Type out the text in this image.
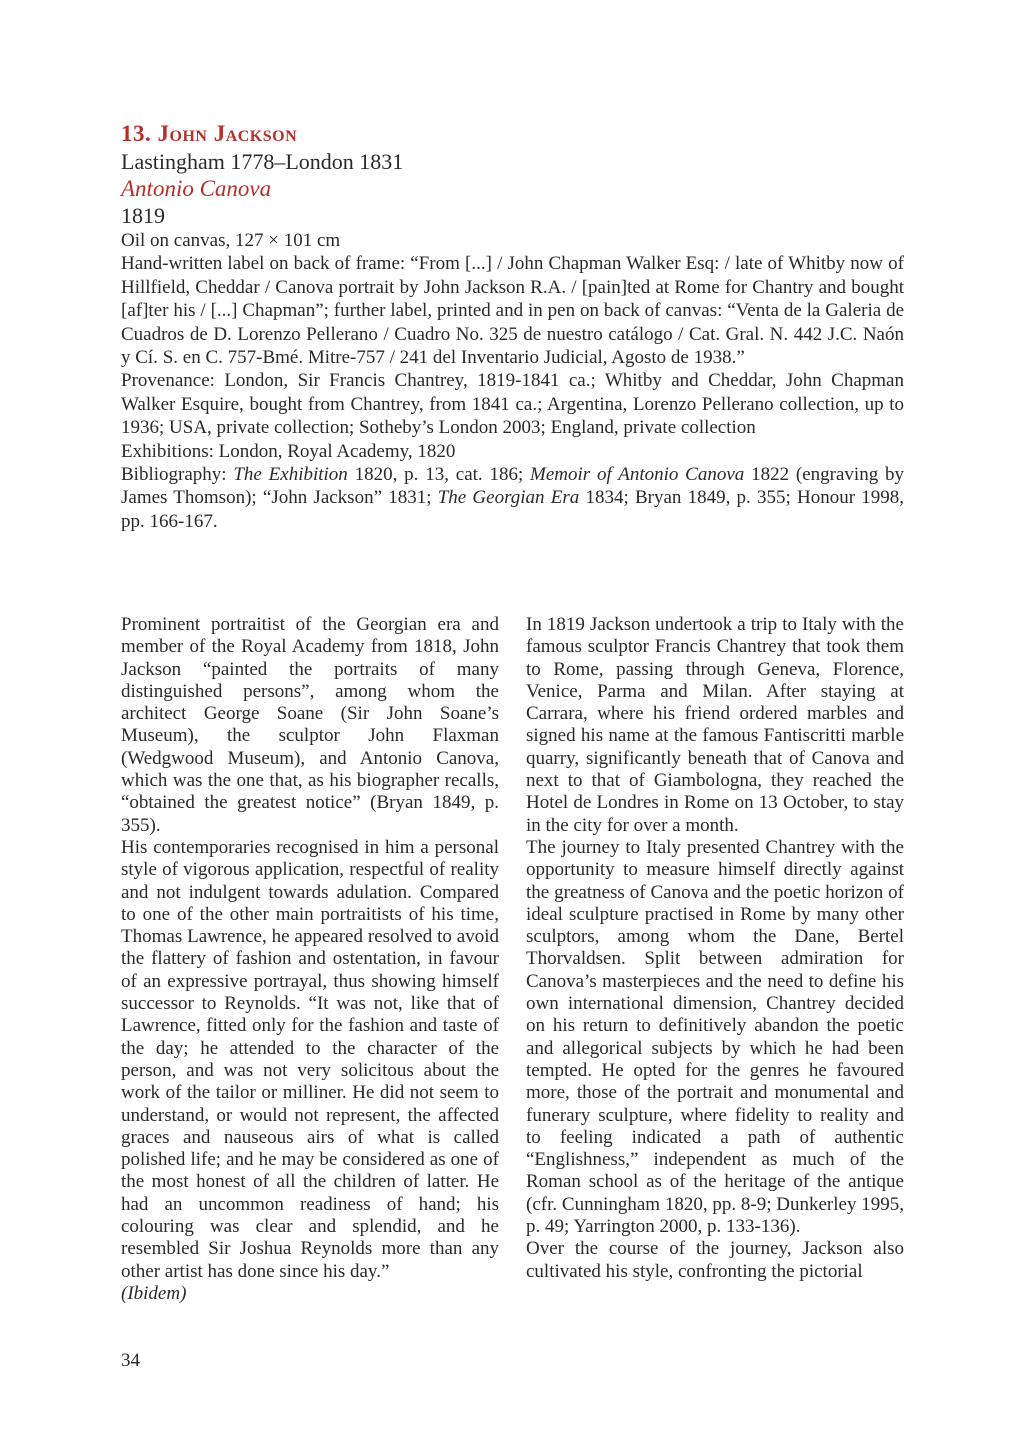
13. John Jackson

Lastingham 1778–London 1831

Antonio Canova

1819

Oil on canvas, 127 × 101 cm

Hand-written label on back of frame: “From [...] / John Chapman Walker Esq: / late of Whitby now of Hillfield, Cheddar / Canova portrait by John Jackson R.A. / [pain]ted at Rome for Chantry and bought [af]ter his / [...] Chapman”; further label, printed and in pen on back of canvas: “Venta de la Galeria de Cuadros de D. Lorenzo Pellerano / Cuadro No. 325 de nuestro catálogo / Cat. Gral. N. 442 J.C. Naón y Cí. S. en C. 757-Bmé. Mitre-757 / 241 del Inventario Judicial, Agosto de 1938.”

Provenance: London, Sir Francis Chantrey, 1819-1841 ca.; Whitby and Cheddar, John Chapman Walker Esquire, bought from Chantrey, from 1841 ca.; Argentina, Lorenzo Pellerano collection, up to 1936; USA, private collection; Sotheby’s London 2003; England, private collection

Exhibitions: London, Royal Academy, 1820

Bibliography: The Exhibition 1820, p. 13, cat. 186; Memoir of Antonio Canova 1822 (engraving by James Thomson); “John Jackson” 1831; The Georgian Era 1834; Bryan 1849, p. 355; Honour 1998, pp. 166-167.

Prominent portraitist of the Georgian era and member of the Royal Academy from 1818, John Jackson “painted the portraits of many distinguished persons”, among whom the architect George Soane (Sir John Soane’s Museum), the sculptor John Flaxman (Wedgwood Museum), and Antonio Canova, which was the one that, as his biographer recalls, “obtained the greatest notice” (Bryan 1849, p. 355).

His contemporaries recognised in him a personal style of vigorous application, respectful of reality and not indulgent towards adulation. Compared to one of the other main portraitists of his time, Thomas Lawrence, he appeared resolved to avoid the flattery of fashion and ostentation, in favour of an expressive portrayal, thus showing himself successor to Reynolds. “It was not, like that of Lawrence, fitted only for the fashion and taste of the day; he attended to the character of the person, and was not very solicitous about the work of the tailor or milliner. He did not seem to understand, or would not represent, the affected graces and nauseous airs of what is called polished life; and he may be considered as one of the most honest of all the children of latter. He had an uncommon readiness of hand; his colouring was clear and splendid, and he resembled Sir Joshua Reynolds more than any other artist has done since his day.”

(Ibidem)

In 1819 Jackson undertook a trip to Italy with the famous sculptor Francis Chantrey that took them to Rome, passing through Geneva, Florence, Venice, Parma and Milan. After staying at Carrara, where his friend ordered marbles and signed his name at the famous Fantiscritti marble quarry, significantly beneath that of Canova and next to that of Giambologna, they reached the Hotel de Londres in Rome on 13 October, to stay in the city for over a month.

The journey to Italy presented Chantrey with the opportunity to measure himself directly against the greatness of Canova and the poetic horizon of ideal sculpture practised in Rome by many other sculptors, among whom the Dane, Bertel Thorvaldsen. Split between admiration for Canova’s masterpieces and the need to define his own international dimension, Chantrey decided on his return to definitively abandon the poetic and allegorical subjects by which he had been tempted. He opted for the genres he favoured more, those of the portrait and monumental and funerary sculpture, where fidelity to reality and to feeling indicated a path of authentic “Englishness,” independent as much of the Roman school as of the heritage of the antique (cfr. Cunningham 1820, pp. 8-9; Dunkerley 1995, p. 49; Yarrington 2000, p. 133-136).

Over the course of the journey, Jackson also cultivated his style, confronting the pictorial

34
